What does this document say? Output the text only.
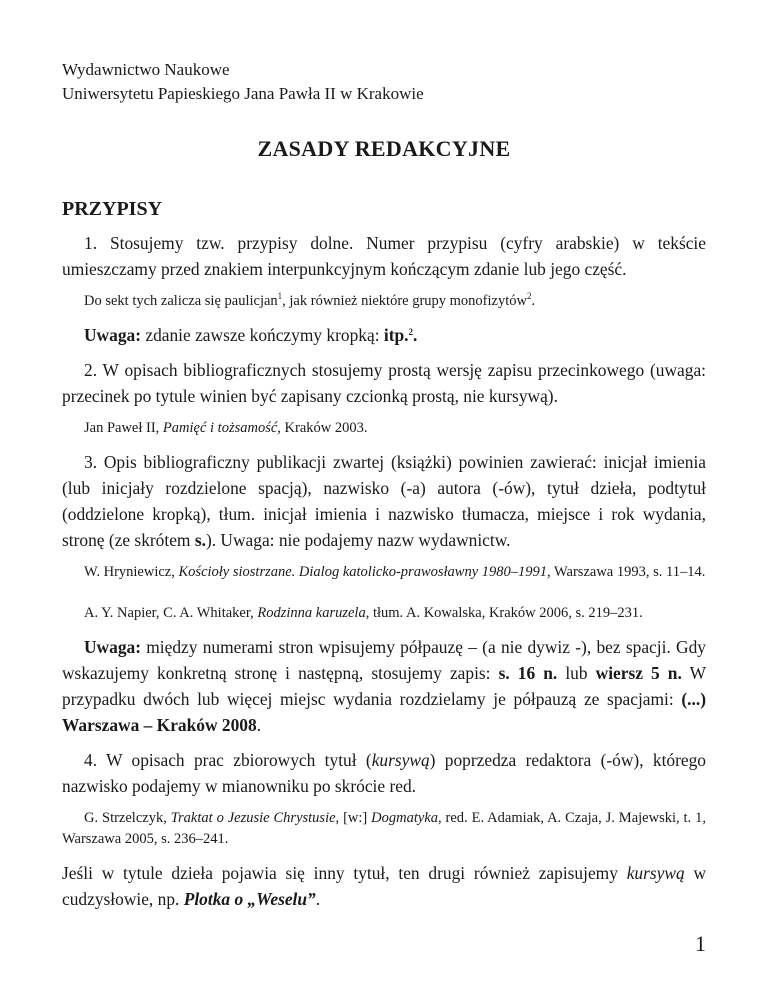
Wydawnictwo Naukowe
Uniwersytetu Papieskiego Jana Pawła II w Krakowie
ZASADY REDAKCYJNE
PRZYPISY

1. Stosujemy tzw. przypisy dolne. Numer przypisu (cyfry arabskie) w tekście umieszczamy przed znakiem interpunkcyjnym kończącym zdanie lub jego część.

Do sekt tych zalicza się paulicjan$^1$, jak również niektóre grupy monofizytów$^2$.

Uwaga: zdanie zawsze kończymy kropką: itp.$^2$.

2. W opisach bibliograficznych stosujemy prostą wersję zapisu przecinkowego (uwaga: przecinek po tytule winien być zapisany czcionką prostą, nie kursywą).

Jan Paweł II, Pamięć i tożsamość, Kraków 2003.

3. Opis bibliograficzny publikacji zwartej (książki) powinien zawierać: inicjał imienia (lub inicjały rozdzielone spacją), nazwisko (-a) autora (-ów), tytuł dzieła, podtytuł (oddzielone kropką), tłum. inicjał imienia i nazwisko tłumacza, miejsce i rok wydania, stronę (ze skrótem s.). Uwaga: nie podajemy nazw wydawnictw.

W. Hryniewicz, Kościoły siostrzane. Dialog katolicko-prawosławny 1980–1991, Warszawa 1993, s. 11–14.

A. Y. Napier, C. A. Whitaker, Rodzinna karuzela, tłum. A. Kowalska, Kraków 2006, s. 219–231.

Uwaga: między numerami stron wpisujemy półpauzę – (a nie dywiz -), bez spacji. Gdy wskazujemy konkretną stronę i następną, stosujemy zapis: s. 16 n. lub wiersz 5 n. W przypadku dwóch lub więcej miejsc wydania rozdzielamy je półpauzą ze spacjami: (...) Warszawa – Kraków 2008.

4. W opisach prac zbiorowych tytuł (kursywą) poprzedza redaktora (-ów), którego nazwisko podajemy w mianowniku po skrócie red.

G. Strzelczyk, Traktat o Jezusie Chrystusie, [w:] Dogmatyka, red. E. Adamiak, A. Czaja, J. Majewski, t. 1, Warszawa 2005, s. 236–241.

Jeśli w tytule dzieła pojawia się inny tytuł, ten drugi również zapisujemy kursywą w cudzysłowie, np. Plotka o „Weselu”.

1
